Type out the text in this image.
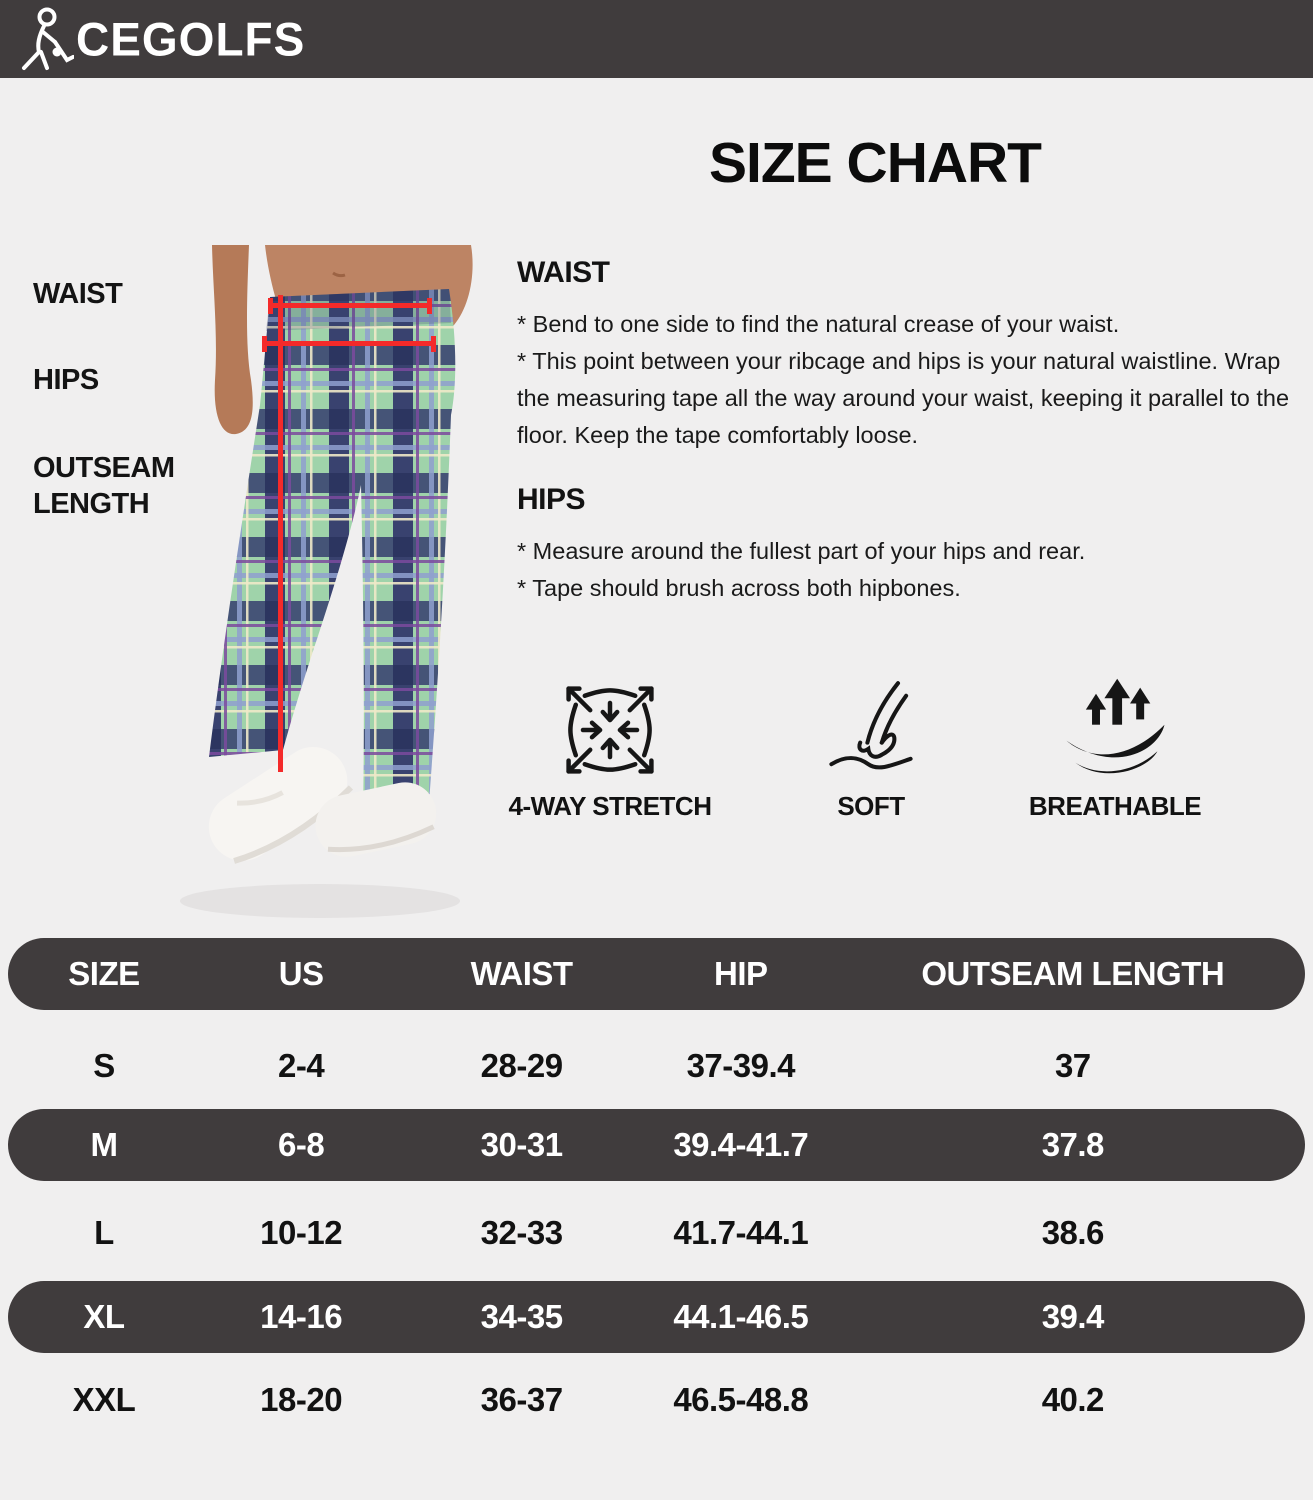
CEGOLFS
SIZE CHART
WAIST
HIPS
OUTSEAM LENGTH
WAIST

* Bend to one side to find the natural crease of your waist.

* This point between your ribcage and hips is your natural waistline. Wrap the measuring tape all the way around your waist, keeping it parallel to the floor. Keep the tape comfortably loose.

HIPS

* Measure around the fullest part of your hips and rear.

* Tape should brush across both hipbones.

4-WAY STRETCH	SOFT	BREATHABLE
SIZE	US	WAIST	HIP	OUTSEAM LENGTH
S	2-4	28-29	37-39.4	37
M	6-8	30-31	39.4-41.7	37.8
L	10-12	32-33	41.7-44.1	38.6
XL	14-16	34-35	44.1-46.5	39.4
XXL	18-20	36-37	46.5-48.8	40.2
